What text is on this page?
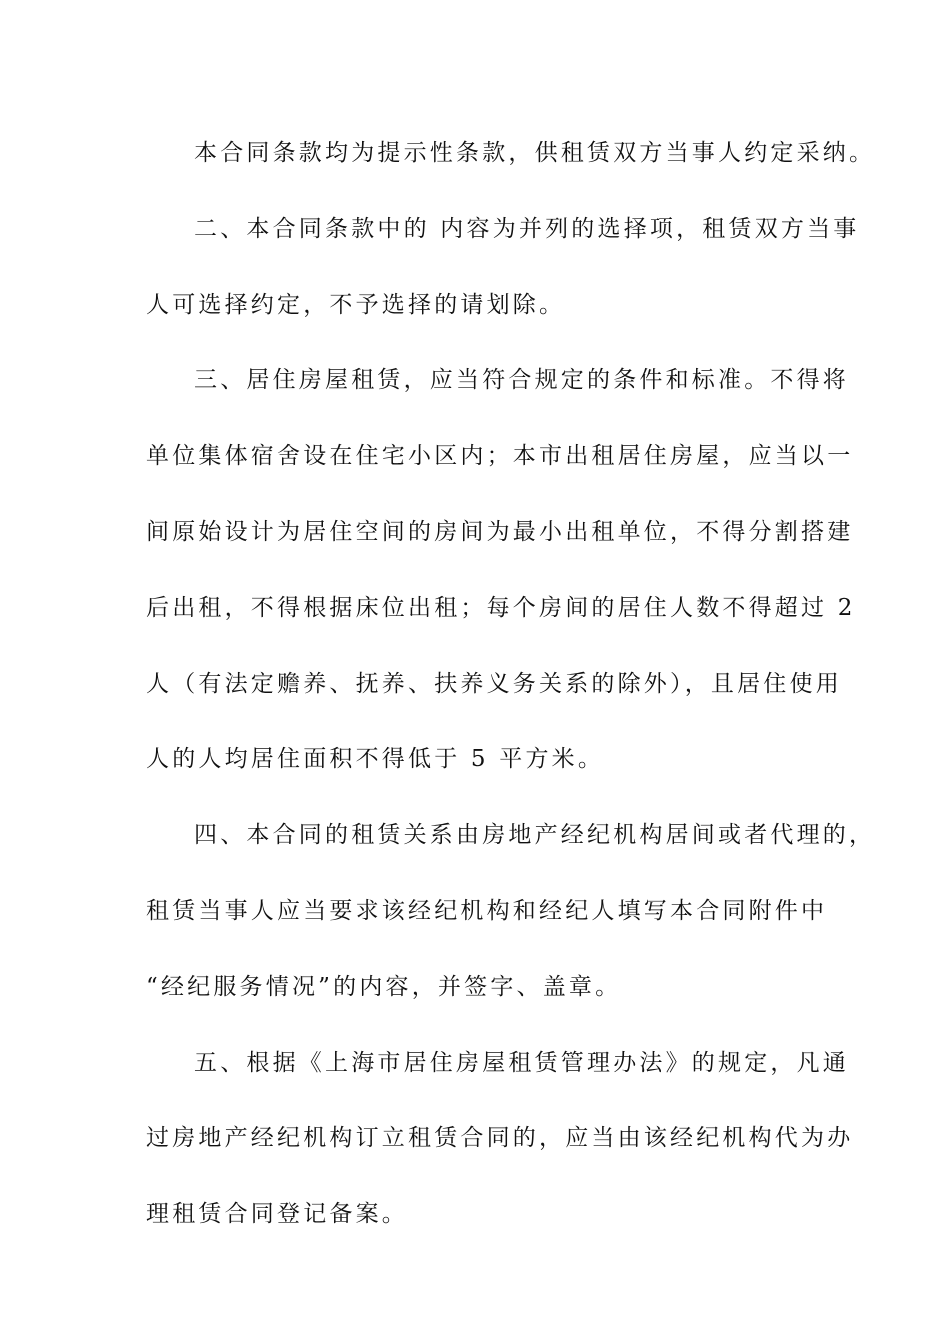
本合同条款均为提示性条款，供租赁双方当事人约定采纳。
二、本合同条款中的 内容为并列的选择项，租赁双方当事
人可选择约定，不予选择的请划除。
三、居住房屋租赁，应当符合规定的条件和标准。不得将
单位集体宿舍设在住宅小区内；本市出租居住房屋，应当以一
间原始设计为居住空间的房间为最小出租单位，不得分割搭建
后出租，不得根据床位出租；每个房间的居住人数不得超过 2
人（有法定赡养、抚养、扶养义务关系的除外），且居住使用
人的人均居住面积不得低于 5 平方米。
四、本合同的租赁关系由房地产经纪机构居间或者代理的，
租赁当事人应当要求该经纪机构和经纪人填写本合同附件中
“经纪服务情况”的内容，并签字、盖章。
五、根据《上海市居住房屋租赁管理办法》的规定，凡通
过房地产经纪机构订立租赁合同的，应当由该经纪机构代为办
理租赁合同登记备案。
